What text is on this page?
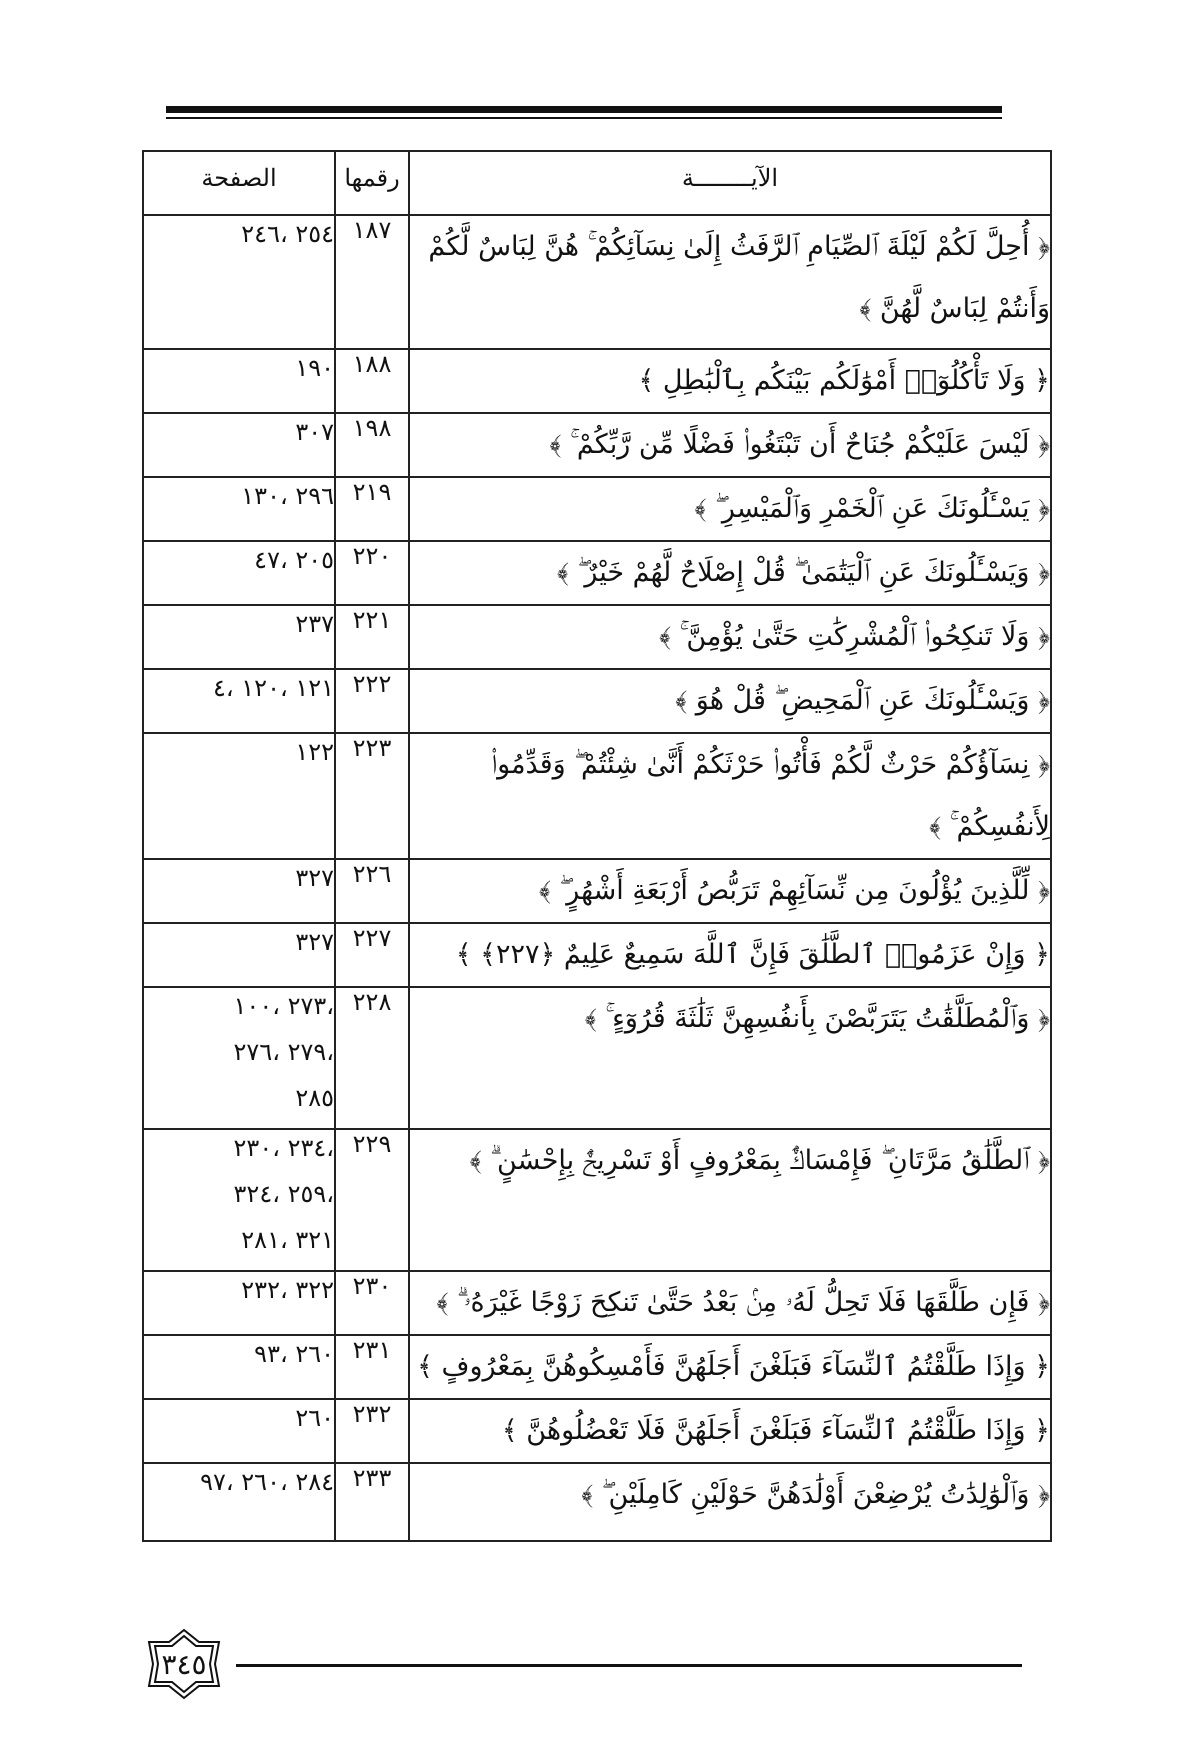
الآيــــــــة	رقمها	الصفحة
﴿ أُحِلَّ لَكُمْ لَيْلَةَ ٱلصِّيَامِ ٱلرَّفَثُ إِلَىٰ نِسَآئِكُمْ ۚ هُنَّ لِبَاسٌ لَّكُمْ وَأَنتُمْ لِبَاسٌ لَّهُنَّ ﴾	١٨٧	٢٥٤ ،٢٤٦

﴿ وَلَا تَأْكُلُوٓا۟ أَمْوَٰلَكُم بَيْنَكُم بِٱلْبَٰطِلِ ﴾	١٨٨	١٩٠

﴿ لَيْسَ عَلَيْكُمْ جُنَاحٌ أَن تَبْتَغُوا۟ فَضْلًا مِّن رَّبِّكُمْ ۚ ﴾	١٩٨	٣٠٧

﴿ يَسْـَٔلُونَكَ عَنِ ٱلْخَمْرِ وَٱلْمَيْسِرِ ۖ ﴾	٢١٩	٢٩٦ ،١٣٠

﴿ وَيَسْـَٔلُونَكَ عَنِ ٱلْيَتَٰمَىٰ ۖ قُلْ إِصْلَاحٌ لَّهُمْ خَيْرٌ ۖ ﴾	٢٢٠	٢٠٥ ،٤٧

﴿ وَلَا تَنكِحُوا۟ ٱلْمُشْرِكَٰتِ حَتَّىٰ يُؤْمِنَّ ۚ ﴾	٢٢١	٢٣٧

﴿ وَيَسْـَٔلُونَكَ عَنِ ٱلْمَحِيضِ ۖ قُلْ هُوَ ﴾	٢٢٢	١٢١ ،١٢٠ ،٤

﴿ نِسَآؤُكُمْ حَرْثٌ لَّكُمْ فَأْتُوا۟ حَرْثَكُمْ أَنَّىٰ شِئْتُمْ ۖ وَقَدِّمُوا۟ لِأَنفُسِكُمْ ۚ ﴾	٢٢٣	١٢٢

﴿ لِّلَّذِينَ يُؤْلُونَ مِن نِّسَآئِهِمْ تَرَبُّصُ أَرْبَعَةِ أَشْهُرٍ ۖ ﴾	٢٢٦	٣٢٧

﴿ وَإِنْ عَزَمُوا۟ ٱلطَّلَٰقَ فَإِنَّ ٱللَّهَ سَمِيعٌ عَلِيمٌ ﴿٢٢٧﴾ ﴾	٢٢٧	٣٢٧

﴿ وَٱلْمُطَلَّقَٰتُ يَتَرَبَّصْنَ بِأَنفُسِهِنَّ ثَلَٰثَةَ قُرُوٓءٍ ۚ ﴾	٢٢٨	،٢٧٣ ،١٠٠
،٢٧٩ ،٢٧٦
٢٨٥

﴿ ٱلطَّلَٰقُ مَرَّتَانِ ۖ فَإِمْسَاكٌۢ بِمَعْرُوفٍ أَوْ تَسْرِيحٌۢ بِإِحْسَٰنٍ ۗ ﴾	٢٢٩	،٢٣٤ ،٢٣٠
،٢٥٩ ،٣٢٤
٣٢١ ،٢٨١

﴿ فَإِن طَلَّقَهَا فَلَا تَحِلُّ لَهُۥ مِنۢ بَعْدُ حَتَّىٰ تَنكِحَ زَوْجًا غَيْرَهُۥ ۗ ﴾	٢٣٠	٣٢٢ ،٢٣٢

﴿ وَإِذَا طَلَّقْتُمُ ٱلنِّسَآءَ فَبَلَغْنَ أَجَلَهُنَّ فَأَمْسِكُوهُنَّ بِمَعْرُوفٍ ﴾	٢٣١	٢٦٠ ،٩٣

﴿ وَإِذَا طَلَّقْتُمُ ٱلنِّسَآءَ فَبَلَغْنَ أَجَلَهُنَّ فَلَا تَعْضُلُوهُنَّ ﴾	٢٣٢	٢٦٠

﴿ وَٱلْوَٰلِدَٰتُ يُرْضِعْنَ أَوْلَٰدَهُنَّ حَوْلَيْنِ كَامِلَيْنِ ۖ ﴾	٢٣٣	٢٨٤ ،٢٦٠ ،٩٧
٣٤٥
